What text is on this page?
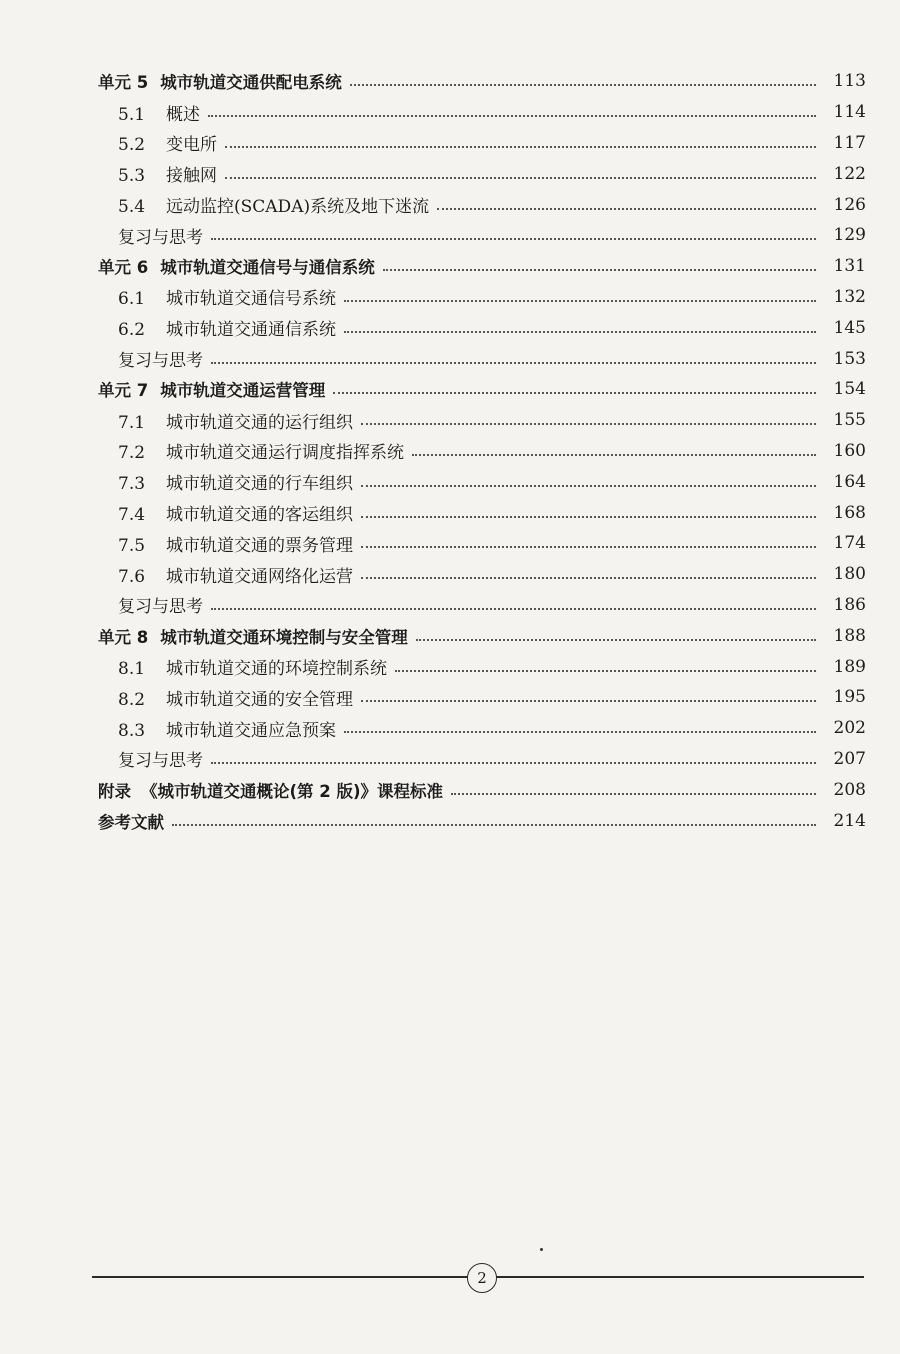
单元 5 城市轨道交通供配电系统	113
5.1 概述	114
5.2 变电所	117
5.3 接触网	122
5.4 远动监控(SCADA)系统及地下迷流	126
复习与思考	129
单元 6 城市轨道交通信号与通信系统	131
6.1 城市轨道交通信号系统	132
6.2 城市轨道交通通信系统	145
复习与思考	153
单元 7 城市轨道交通运营管理	154
7.1 城市轨道交通的运行组织	155
7.2 城市轨道交通运行调度指挥系统	160
7.3 城市轨道交通的行车组织	164
7.4 城市轨道交通的客运组织	168
7.5 城市轨道交通的票务管理	174
7.6 城市轨道交通网络化运营	180
复习与思考	186
单元 8 城市轨道交通环境控制与安全管理	188
8.1 城市轨道交通的环境控制系统	189
8.2 城市轨道交通的安全管理	195
8.3 城市轨道交通应急预案	202
复习与思考	207
附录 《城市轨道交通概论(第 2 版)》课程标准	208
参考文献	214
2
